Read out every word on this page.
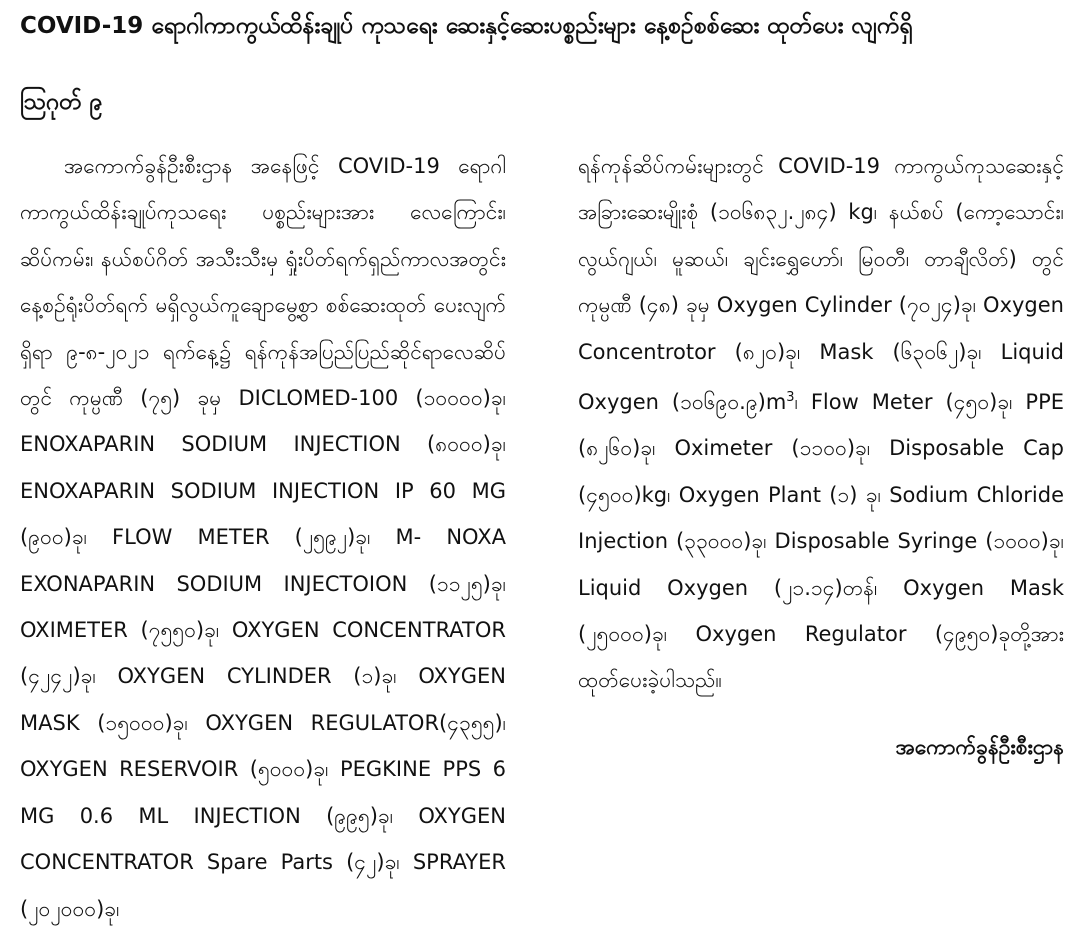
COVID-19 ရောဂါကာကွယ်ထိန်းချုပ် ကုသရေး ဆေးနှင့်ဆေးပစ္စည်းများ နေ့စဉ်စစ်ဆေး ထုတ်ပေး လျက်ရှိ
ဩဂုတ် ၉
အကောက်ခွန်ဦးစီးဌာန အနေဖြင့် COVID-19 ရောဂါ ကာကွယ်ထိန်းချုပ်ကုသရေး ပစ္စည်းများအား လေကြောင်း၊ ဆိပ်ကမ်း၊ နယ်စပ်ဂိတ် အသီးသီးမှ ရှုံးပိတ်ရက်ရှည်ကာလအတွင်း နေ့စဉ်ရုံးပိတ်ရက် မရှိလွယ်ကူချောမွေ့စွာ စစ်ဆေးထုတ် ပေးလျက်ရှိရာ ၉-၈-၂၀၂၁ ရက်နေ့၌ ရန်ကုန်အပြည်ပြည်ဆိုင်ရာလေဆိပ်တွင် ကုမ္ပဏီ (၇၅) ခုမှ DICLOMED-100 (၁၀၀၀၀)ခု၊ ENOXAPARIN SODIUM INJECTION (၈၀၀၀)ခု၊ ENOXAPARIN SODIUM INJECTION IP 60 MG (၉၀၀)ခု၊ FLOW METER (၂၅၉၂)ခု၊ M- NOXA EXONAPARIN SODIUM INJECTOION (၁၁၂၅)ခု၊ OXIMETER (၇၅၅၀)ခု၊ OXYGEN CONCENTRATOR (၄၂၄၂)ခု၊ OXYGEN CYLINDER (၁)ခု၊ OXYGEN MASK (၁၅၀၀၀)ခု၊ OXYGEN REGULATOR(၄၃၅၅)၊ OXYGEN RESERVOIR (၅၀၀၀)ခု၊ PEGKINE PPS 6 MG 0.6 ML INJECTION (၉၉၅)ခု၊ OXYGEN CONCENTRATOR Spare Parts (၄၂)ခု၊ SPRAYER (၂၀၂၀၀၀)ခု၊

ရန်ကုန်ဆိပ်ကမ်းများတွင် COVID-19 ကာကွယ်ကုသဆေးနှင့် အခြားဆေးမျိုးစုံ (၁၀၆၈၃၂.၂၈၄) kg၊ နယ်စပ် (ကော့သောင်း၊ လွယ်ဂျယ်၊ မူဆယ်၊ ချင်းရွှေဟော်၊ မြဝတီ၊ တာချီလိတ်) တွင် ကုမ္ပဏီ (၄၈) ခုမှ Oxygen Cylinder (၇၀၂၄)ခု၊ Oxygen Concentrotor (၈၂၀)ခု၊ Mask (၆၃၀၆၂)ခု၊ Liquid Oxygen (၁၀၆၉၀.၉)$m^3$၊ Flow Meter (၄၅၀)ခု၊ PPE (၈၂၆၀)ခု၊ Oximeter (၁၁၀၀)ခု၊ Disposable Cap (၄၅၀၀)kg၊ Oxygen Plant (၁) ခု၊ Sodium Chloride Injection (၃၃၀၀၀)ခု၊ Disposable Syringe (၁၀၀၀)ခု၊ Liquid Oxygen (၂၁.၁၄)တန်၊ Oxygen Mask (၂၅၀၀၀)ခု၊ Oxygen Regulator (၄၉၅၀)ခုတို့အား ထုတ်ပေးခဲ့ပါသည်။

အကောက်ခွန်ဦးစီးဌာန
